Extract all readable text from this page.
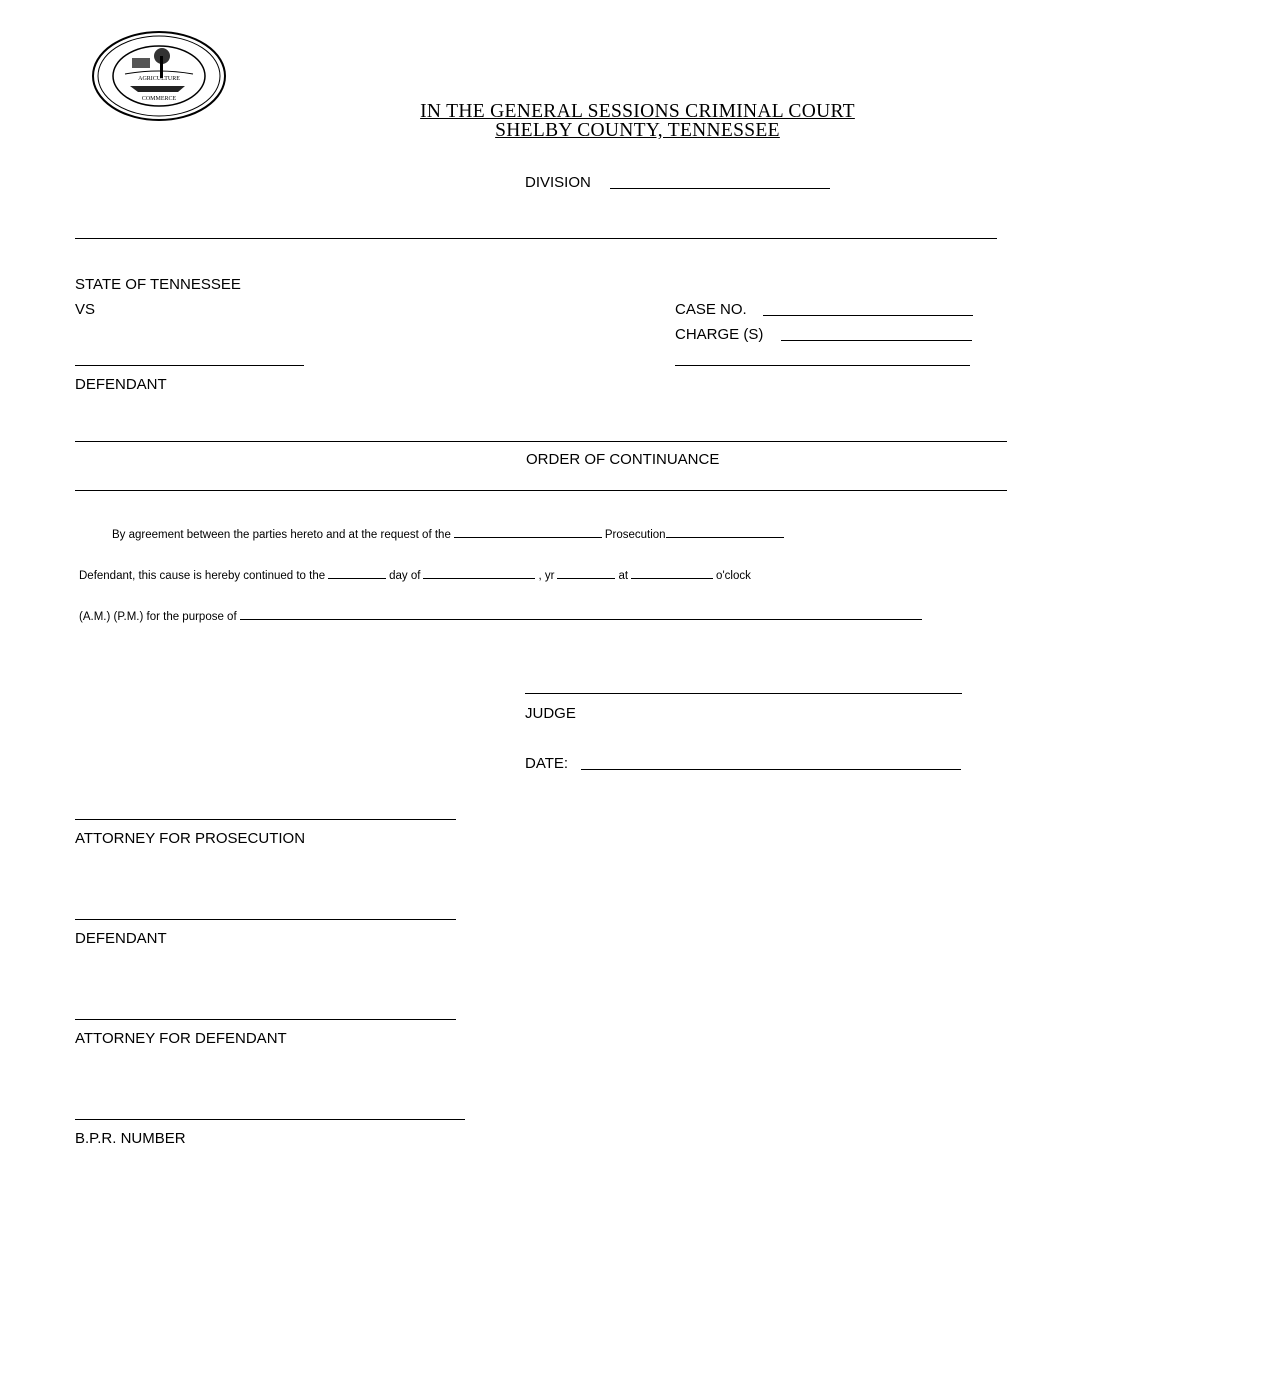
AGRICULTURE
COMMERCE
IN THE GENERAL SESSIONS CRIMINAL COURT
SHELBY COUNTY, TENNESSEE
DIVISION
STATE OF TENNESSEE
VS
DEFENDANT
CASE NO.
CHARGE (S)
ORDER OF CONTINUANCE
By agreement between the parties hereto and at the request of the	Prosecution
Defendant, this cause is hereby continued to the	day of	, yr	at	o'clock
(A.M.) (P.M.) for the purpose of
JUDGE
DATE:
ATTORNEY FOR PROSECUTION
DEFENDANT
ATTORNEY FOR DEFENDANT
B.P.R. NUMBER
